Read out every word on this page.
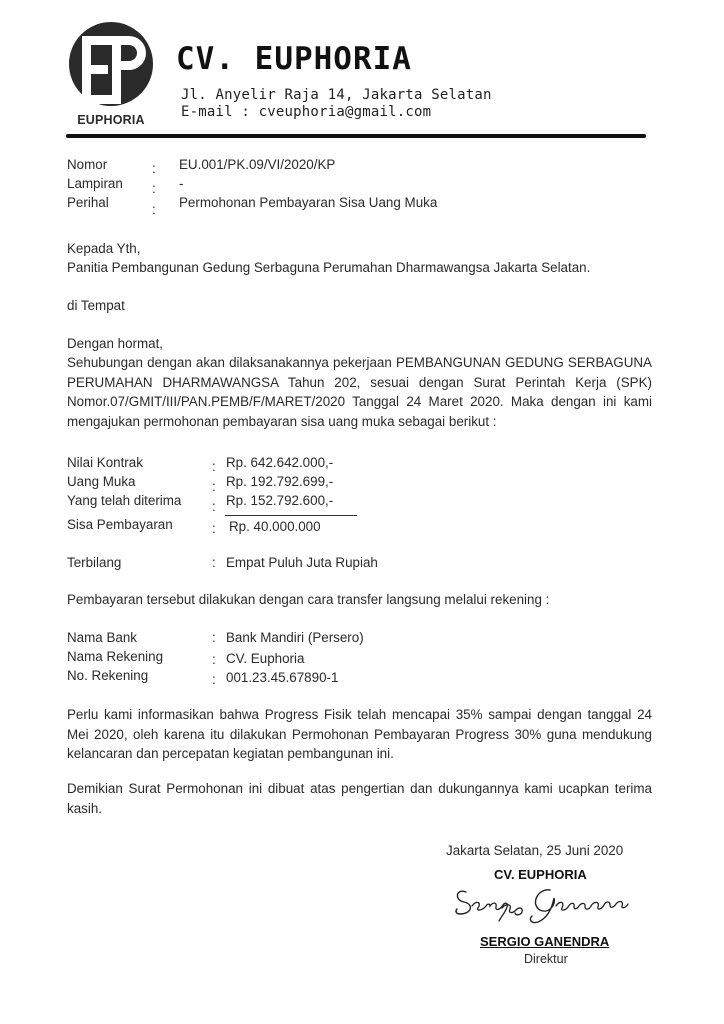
EUPHORIA
CV. EUPHORIA
Jl. Anyelir Raja 14, Jakarta Selatan
E-mail : cveuphoria@gmail.com
Nomor	: EU.001/PK.09/VI/2020/KP
Lampiran : -
Perihal	: Permohonan Pembayaran Sisa Uang Muka
Kepada Yth,
Panitia Pembangunan Gedung Serbaguna Perumahan Dharmawangsa Jakarta Selatan.
di Tempat
Dengan hormat,
Sehubungan dengan akan dilaksanakannya pekerjaan PEMBANGUNAN GEDUNG SERBAGUNA PERUMAHAN DHARMAWANGSA Tahun 202, sesuai dengan Surat Perintah Kerja (SPK) Nomor.07/GMIT/III/PAN.PEMB/F/MARET/2020 Tanggal 24 Maret 2020. Maka dengan ini kami mengajukan permohonan pembayaran sisa uang muka sebagai berikut :
Nilai Kontrak	: Rp. 642.642.000,-
Uang Muka	: Rp. 192.792.699,-
Yang telah diterima : Rp. 152.792.600,-
Sisa Pembayaran	: Rp. 40.000.000
Terbilang	: Empat Puluh Juta Rupiah
Pembayaran tersebut dilakukan dengan cara transfer langsung melalui rekening :
Nama Bank	: Bank Mandiri (Persero)
Nama Rekening	: CV. Euphoria
No. Rekening	: 001.23.45.67890-1
Perlu kami informasikan bahwa Progress Fisik telah mencapai 35% sampai dengan tanggal 24 Mei 2020, oleh karena itu dilakukan Permohonan Pembayaran Progress 30% guna mendukung kelancaran dan percepatan kegiatan pembangunan ini.
Demikian Surat Permohonan ini dibuat atas pengertian dan dukungannya kami ucapkan terima kasih.
Jakarta Selatan, 25 Juni 2020
CV. EUPHORIA
SERGIO GANENDRA
Direktur
